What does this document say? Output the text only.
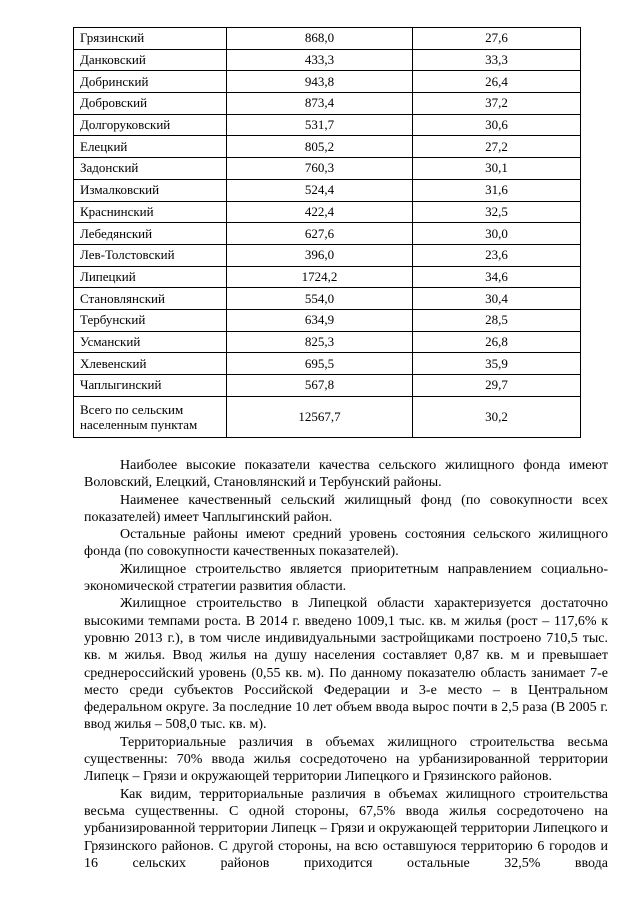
Грязинский	868,0	27,6
Данковский	433,3	33,3
Добринский	943,8	26,4
Добровский	873,4	37,2
Долгоруковский	531,7	30,6
Елецкий	805,2	27,2
Задонский	760,3	30,1
Измалковский	524,4	31,6
Краснинский	422,4	32,5
Лебедянский	627,6	30,0
Лев-Толстовский	396,0	23,6
Липецкий	1724,2	34,6
Становлянский	554,0	30,4
Тербунский	634,9	28,5
Усманский	825,3	26,8
Хлевенский	695,5	35,9
Чаплыгинский	567,8	29,7

Всего по сельским
населенным пунктам	12567,7	30,2

Наиболее высокие показатели качества сельского жилищного фонда имеют Воловский, Елецкий, Становлянский и Тербунский районы.

Наименее качественный сельский жилищный фонд (по совокупности всех показателей) имеет Чаплыгинский район.

Остальные районы имеют средний уровень состояния сельского жилищного фонда (по совокупности качественных показателей).

Жилищное строительство является приоритетным направлением социально-экономической стратегии развития области.

Жилищное строительство в Липецкой области характеризуется достаточно высокими темпами роста. В 2014 г. введено 1009,1 тыс. кв. м жилья (рост – 117,6% к уровню 2013 г.), в том числе индивидуальными застройщиками построено 710,5 тыс. кв. м жилья. Ввод жилья на душу населения составляет 0,87 кв. м и превышает среднероссийский уровень (0,55 кв. м). По данному показателю область занимает 7-е место среди субъектов Российской Федерации и 3-е место – в Центральном федеральном округе. За последние 10 лет объем ввода вырос почти в 2,5 раза (В 2005 г. ввод жилья – 508,0 тыс. кв. м).

Территориальные различия в объемах жилищного строительства весьма существенны: 70% ввода жилья сосредоточено на урбанизированной территории Липецк – Грязи и окружающей территории Липецкого и Грязинского районов.

Как видим, территориальные различия в объемах жилищного строительства весьма существенны. С одной стороны, 67,5% ввода жилья сосредоточено на урбанизированной территории Липецк – Грязи и окружающей территории Липецкого и Грязинского районов. С другой стороны, на всю оставшуюся территорию 6 городов и 16 сельских районов приходится остальные 32,5% ввода
